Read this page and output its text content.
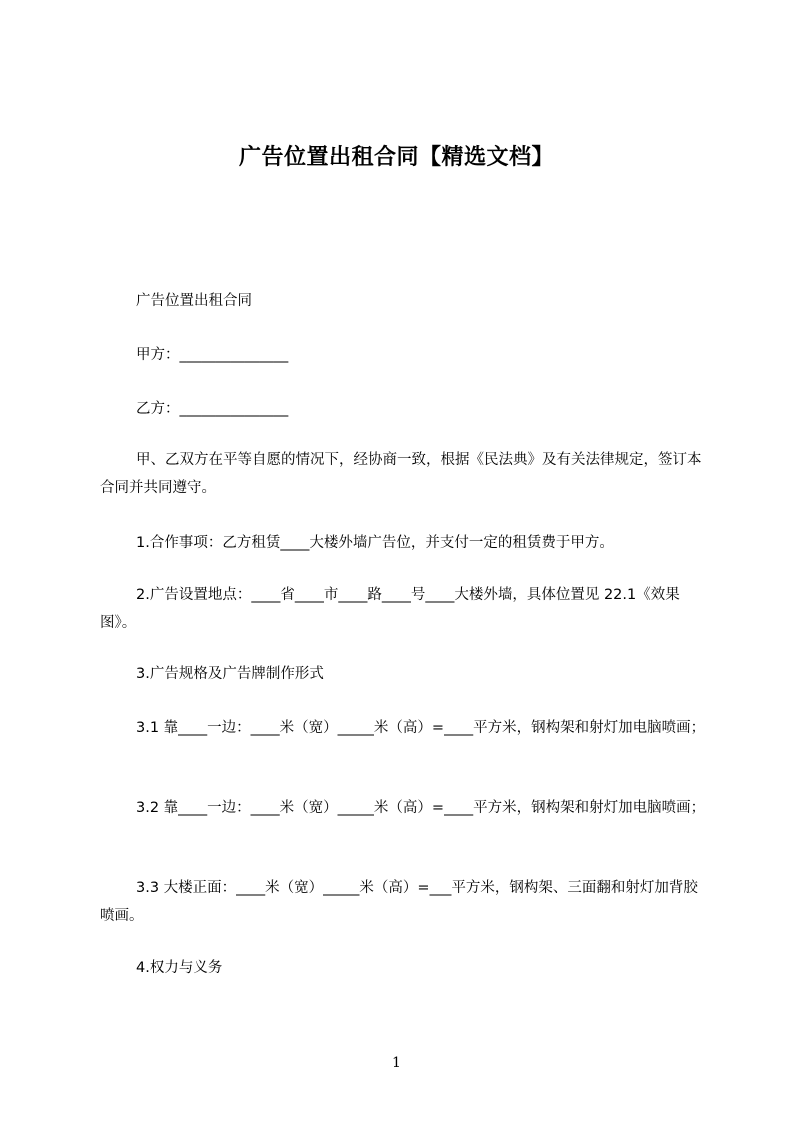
广告位置出租合同【精选文档】
广告位置出租合同
甲方：_______________
乙方：_______________
甲、乙双方在平等自愿的情况下，经协商一致，根据《民法典》及有关法律规定，签订本合同并共同遵守。
1.合作事项：乙方租赁____大楼外墙广告位，并支付一定的租赁费于甲方。
2.广告设置地点：____省____市____路____号____大楼外墙，具体位置见 22.1《效果图》。
3.广告规格及广告牌制作形式
3.1 靠____一边：____米（宽）_____米（高）=____平方米，钢构架和射灯加电脑喷画；
3.2 靠____一边：____米（宽）_____米（高）=____平方米，钢构架和射灯加电脑喷画；
3.3 大楼正面：____米（宽）_____米（高）=___平方米，钢构架、三面翻和射灯加背胶喷画。
4.权力与义务
1
